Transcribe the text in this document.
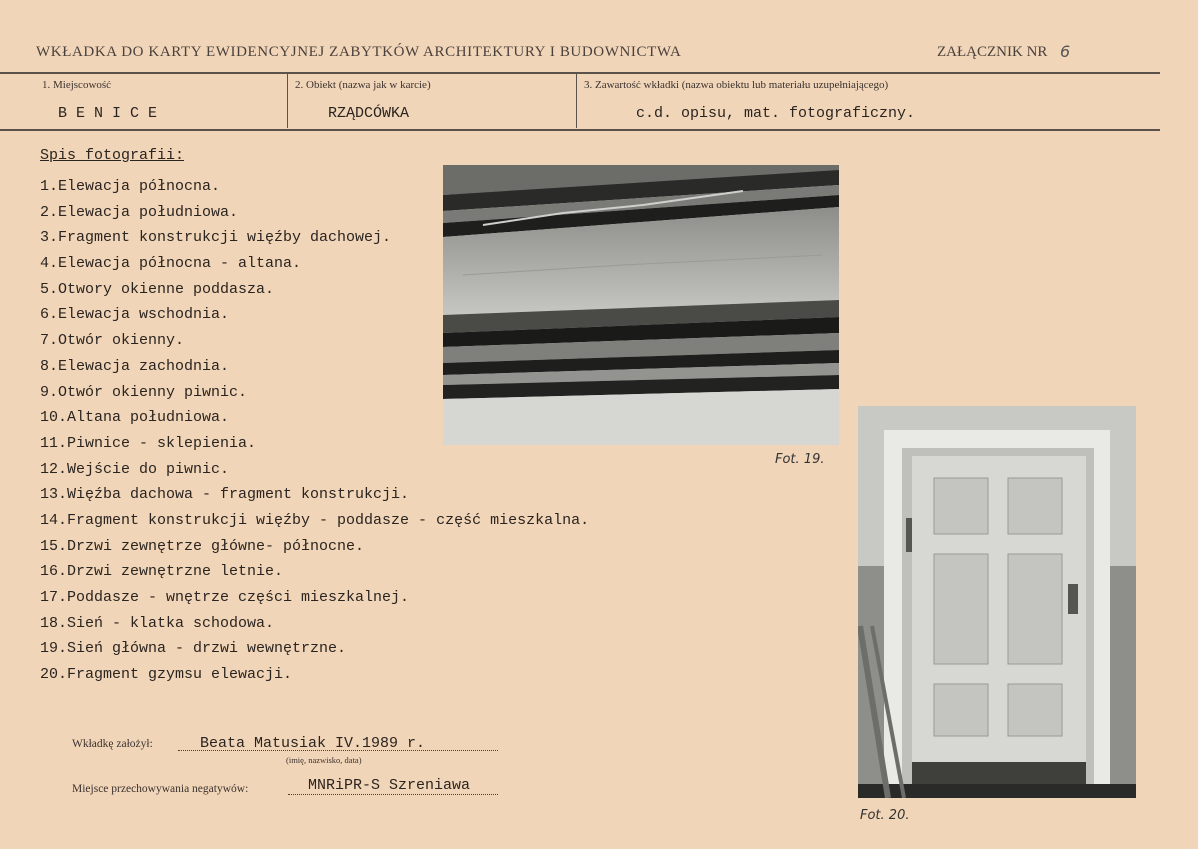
WKŁADKA DO KARTY EWIDENCYJNEJ ZABYTKÓW ARCHITEKTURY I BUDOWNICTWA	ZAŁĄCZNIK NR 6
1. Miejscowość
B E N I C E
2. Obiekt (nazwa jak w karcie)
RZĄDCÓWKA
3. Zawartość wkładki (nazwa obiektu lub materiału uzupełniającego)
c.d. opisu, mat. fotograficzny.
Spis fotografii:
1.Elewacja północna.
2.Elewacja południowa.
3.Fragment konstrukcji więźby dachowej.
4.Elewacja północna - altana.
5.Otwory okienne poddasza.
6.Elewacja wschodnia.
7.Otwór okienny.
8.Elewacja zachodnia.
9.Otwór okienny piwnic.
10.Altana południowa.
11.Piwnice - sklepienia.
12.Wejście do piwnic.
13.Więźba dachowa - fragment konstrukcji.
14.Fragment konstrukcji więźby - poddasze - część mieszkalna.
15.Drzwi zewnętrze główne- północne.
16.Drzwi zewnętrzne letnie.
17.Poddasze - wnętrze części mieszkalnej.
18.Sień - klatka schodowa.
19.Sień główna - drzwi wewnętrzne.
20.Fragment gzymsu elewacji.
Fot. 19.
Fot. 20.
Wkładkę założył:	Beata Matusiak IV.1989 r.
(imię, nazwisko, data)
Miejsce przechowywania negatywów:	MNRiPR-S Szreniawa
